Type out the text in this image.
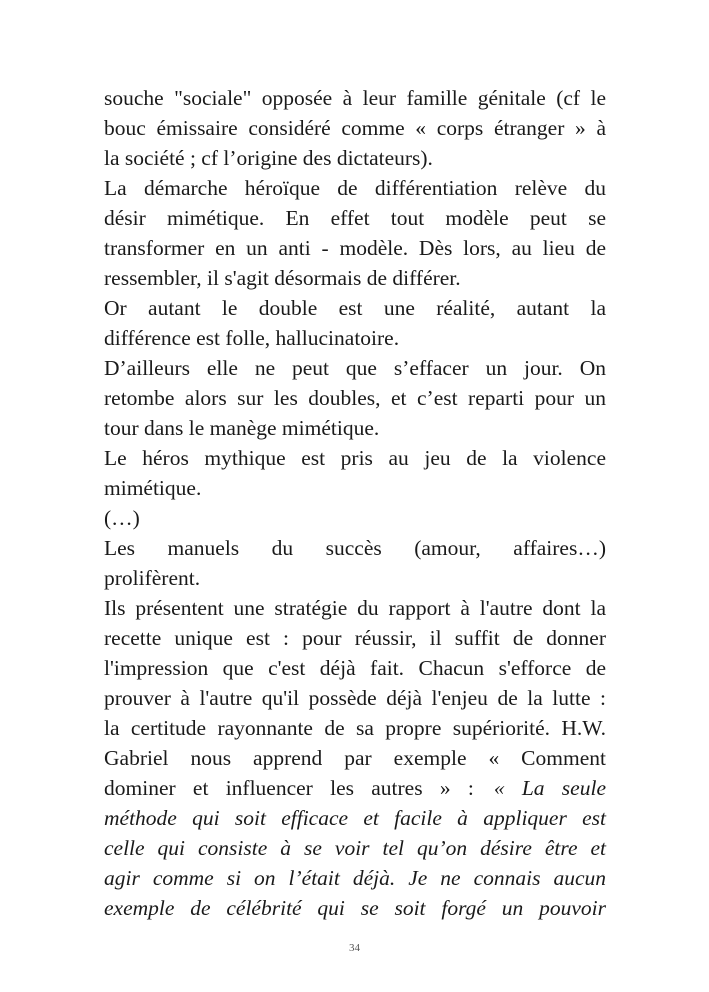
souche "sociale" opposée à leur famille génitale (cf le
bouc émissaire considéré comme « corps étranger » à
la société ; cf l’origine des dictateurs).
La démarche héroïque de différentiation relève du
désir mimétique. En effet tout modèle peut se
transformer en un anti - modèle. Dès lors, au lieu de
ressembler, il s'agit désormais de différer.
Or autant le double est une réalité, autant la
différence est folle, hallucinatoire.
D’ailleurs elle ne peut que s’effacer un jour. On
retombe alors sur les doubles, et c’est reparti pour un
tour dans le manège mimétique.
Le héros mythique est pris au jeu de la violence
mimétique.
(…)
Les manuels du succès (amour, affaires…)
prolifèrent.
Ils présentent une stratégie du rapport à l'autre dont la
recette unique est : pour réussir, il suffit de donner
l'impression que c'est déjà fait. Chacun s'efforce de
prouver à l'autre qu'il possède déjà l'enjeu de la lutte :
la certitude rayonnante de sa propre supériorité. H.W.
Gabriel nous apprend par exemple « Comment
dominer et influencer les autres » : « La seule
méthode qui soit efficace et facile à appliquer est
celle qui consiste à se voir tel qu’on désire être et
agir comme si on l’était déjà. Je ne connais aucun
exemple de célébrité qui se soit forgé un pouvoir
34
